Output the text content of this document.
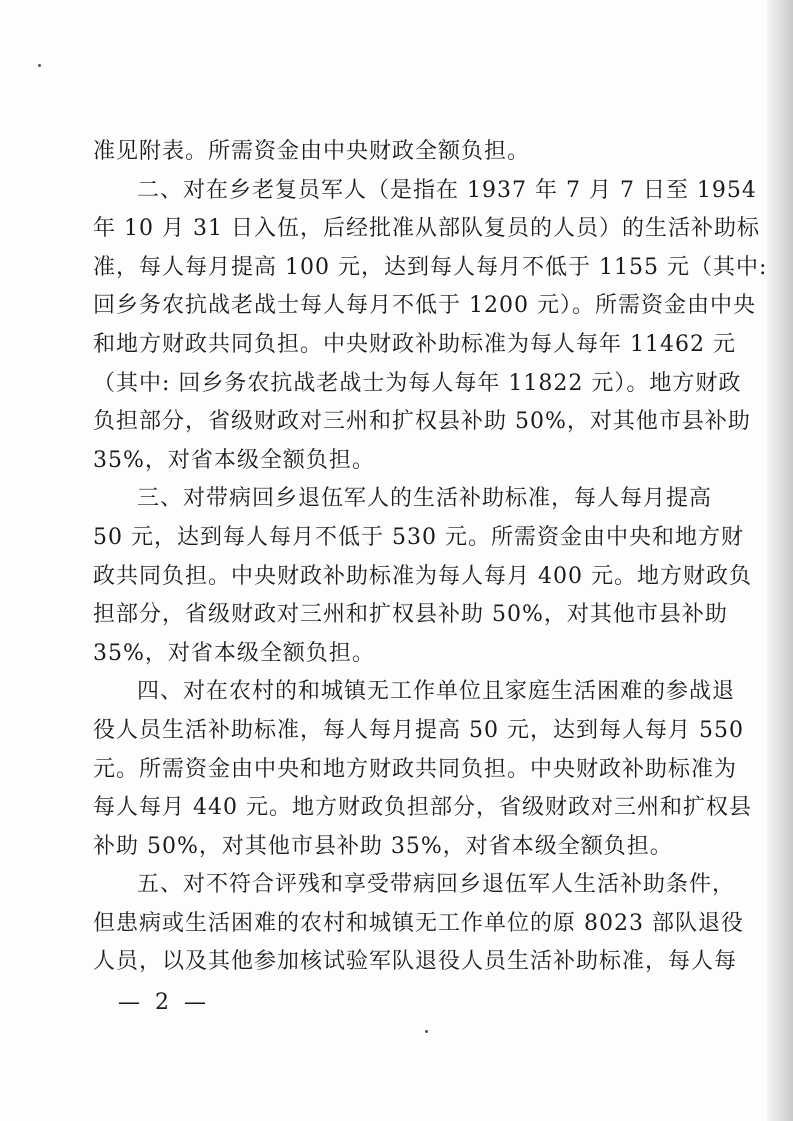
准见附表。所需资金由中央财政全额负担。
二、对在乡老复员军人（是指在 1937 年 7 月 7 日至 1954
年 10 月 31 日入伍，后经批准从部队复员的人员）的生活补助标
准，每人每月提高 100 元，达到每人每月不低于 1155 元（其中:
回乡务农抗战老战士每人每月不低于 1200 元）。所需资金由中央
和地方财政共同负担。中央财政补助标准为每人每年 11462 元
（其中: 回乡务农抗战老战士为每人每年 11822 元）。地方财政
负担部分，省级财政对三州和扩权县补助 50%，对其他市县补助
35%，对省本级全额负担。
三、对带病回乡退伍军人的生活补助标准，每人每月提高
50 元，达到每人每月不低于 530 元。所需资金由中央和地方财
政共同负担。中央财政补助标准为每人每月 400 元。地方财政负
担部分，省级财政对三州和扩权县补助 50%，对其他市县补助
35%，对省本级全额负担。
四、对在农村的和城镇无工作单位且家庭生活困难的参战退
役人员生活补助标准，每人每月提高 50 元，达到每人每月 550
元。所需资金由中央和地方财政共同负担。中央财政补助标准为
每人每月 440 元。地方财政负担部分，省级财政对三州和扩权县
补助 50%，对其他市县补助 35%，对省本级全额负担。
五、对不符合评残和享受带病回乡退伍军人生活补助条件，
但患病或生活困难的农村和城镇无工作单位的原 8023 部队退役
人员，以及其他参加核试验军队退役人员生活补助标准，每人每
— 2 —
